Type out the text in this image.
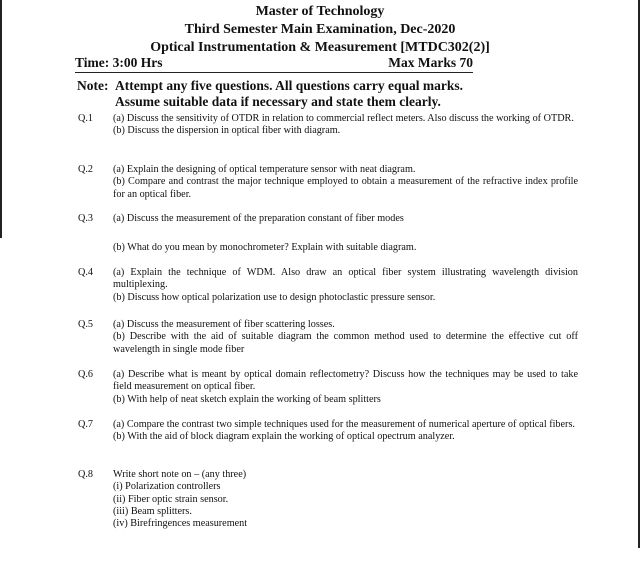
Master of Technology
Third Semester Main Examination, Dec-2020
Optical Instrumentation & Measurement [MTDC302(2)]
Time: 3:00 Hrs	Max Marks 70

Note: Attempt any five questions. All questions carry equal marks.
Assume suitable data if necessary and state them clearly.
Q.1	(a) Discuss the sensitivity of OTDR in relation to commercial reflect meters. Also discuss the working of OTDR.
(b) Discuss the dispersion in optical fiber with diagram.
Q.2	(a) Explain the designing of optical temperature sensor with neat diagram.
(b) Compare and contrast the major technique employed to obtain a measurement of the refractive index profile for an optical fiber.
Q.3	(a) Discuss the measurement of the preparation constant of fiber modes
(b) What do you mean by monochrometer? Explain with suitable diagram.
Q.4	(a) Explain the technique of WDM. Also draw an optical fiber system illustrating wavelength division multiplexing.
(b) Discuss how optical polarization use to design photoclastic pressure sensor.
Q.5	(a) Discuss the measurement of fiber scattering losses.
(b) Describe with the aid of suitable diagram the common method used to determine the effective cut off wavelength in single mode fiber
Q.6	(a) Describe what is meant by optical domain reflectometry? Discuss how the techniques may be used to take field measurement on optical fiber.
(b) With help of neat sketch explain the working of beam splitters
Q.7	(a) Compare the contrast two simple techniques used for the measurement of numerical aperture of optical fibers.
(b) With the aid of block diagram explain the working of optical opectrum analyzer.
Q.8	Write short note on – (any three)
(i) Polarization controllers
(ii) Fiber optic strain sensor.
(iii) Beam splitters.
(iv) Birefringences measurement
